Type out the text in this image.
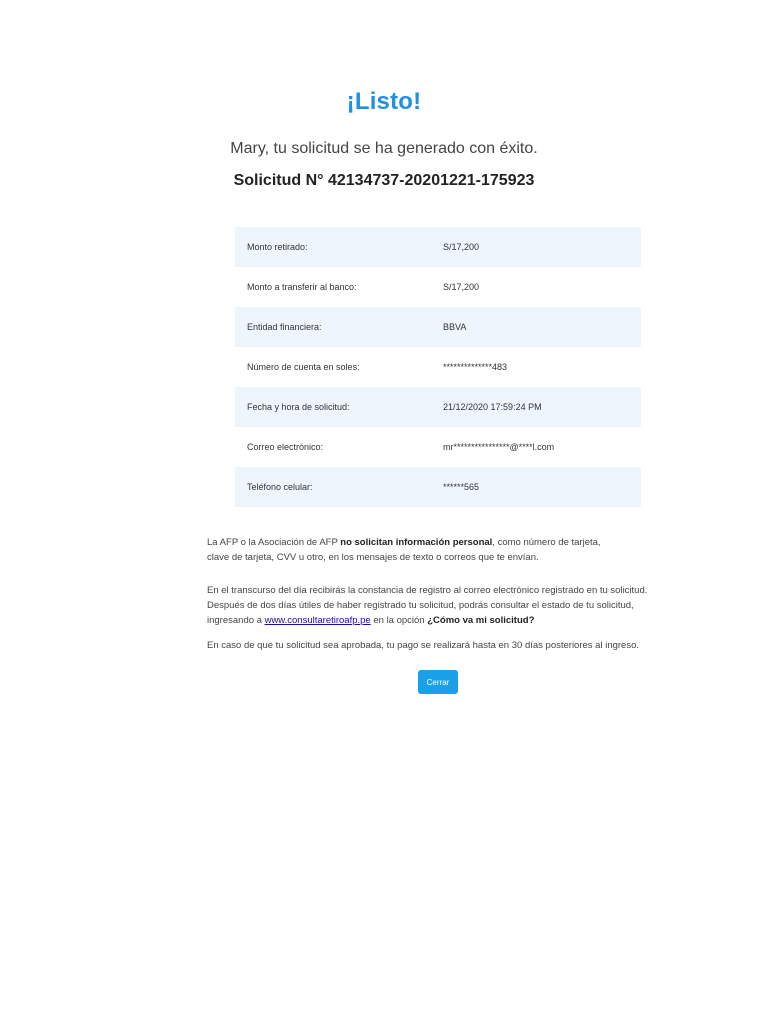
¡Listo!
Mary, tu solicitud se ha generado con éxito.
Solicitud N° 42134737-20201221-175923
Monto retirado:	S/17,200
Monto a transferir al banco:	S/17,200
Entidad financiera:	BBVA
Número de cuenta en soles:	**************483
Fecha y hora de solicitud:	21/12/2020 17:59:24 PM
Correo electrónico:	mr****************@****l.com
Teléfono celular:	******565
La AFP o la Asociación de AFP no solicitan información personal, como número de tarjeta,
clave de tarjeta, CVV u otro, en los mensajes de texto o correos que te envían.
En el transcurso del día recibirás la constancia de registro al correo electrónico registrado en tu solicitud.
Después de dos días útiles de haber registrado tu solicitud, podrás consultar el estado de tu solicitud,
ingresando a www.consultaretiroafp.pe en la opción ¿Cómo va mi solicitud?
En caso de que tu solicitud sea aprobada, tu pago se realizará hasta en 30 días posteriores al ingreso.
Cerrar
